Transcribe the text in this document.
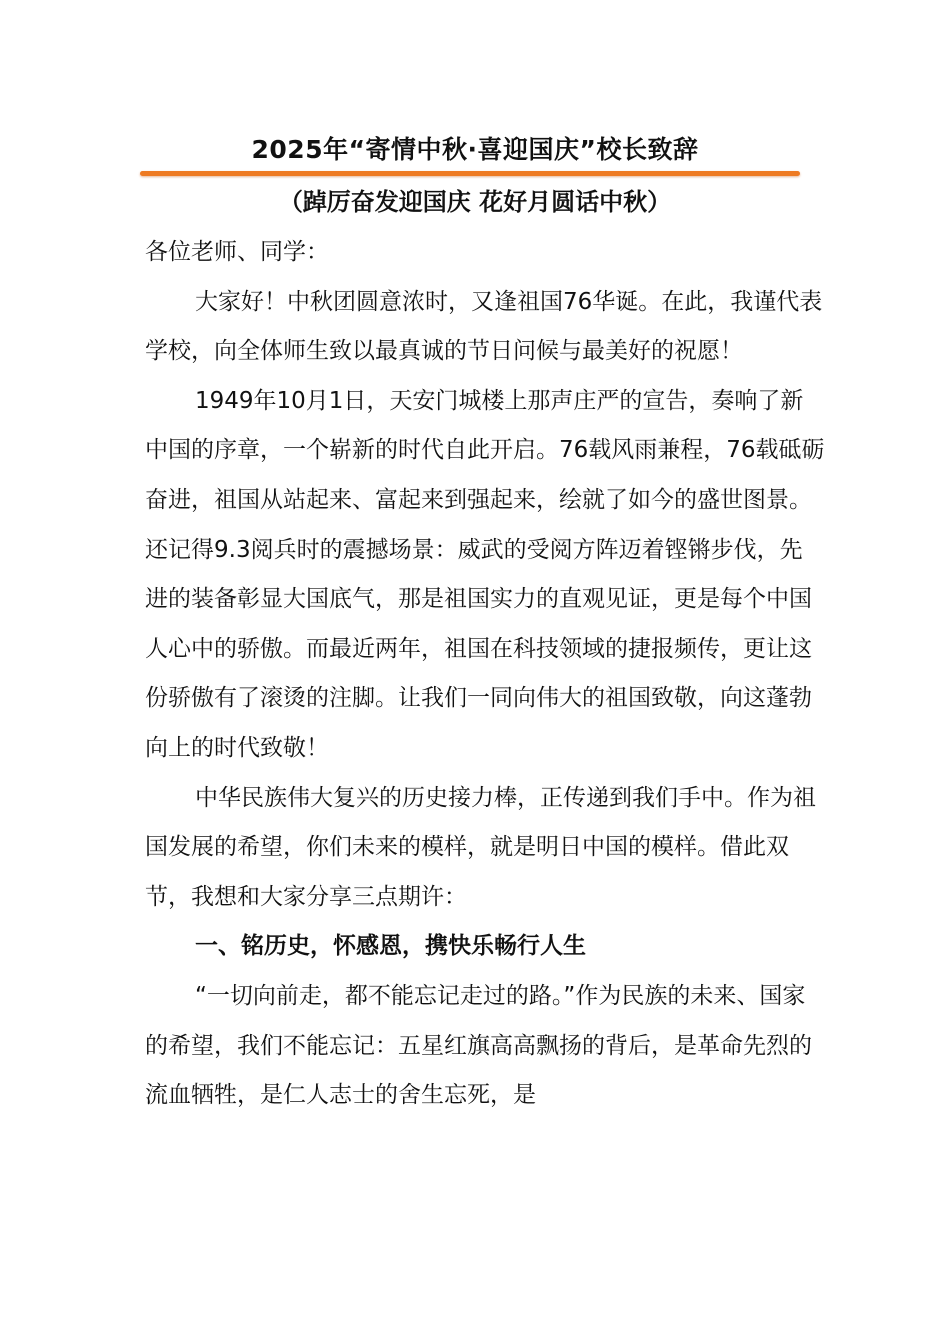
2025年“寄情中秋·喜迎国庆”校长致辞
（踔厉奋发迎国庆 花好月圆话中秋）

各位老师、同学：

大家好！中秋团圆意浓时，又逢祖国76华诞。在此，我谨代表学校，向全体师生致以最真诚的节日问候与最美好的祝愿！

1949年10月1日，天安门城楼上那声庄严的宣告，奏响了新中国的序章，一个崭新的时代自此开启。76载风雨兼程，76载砥砺奋进，祖国从站起来、富起来到强起来，绘就了如今的盛世图景。还记得9.3阅兵时的震撼场景：威武的受阅方阵迈着铿锵步伐，先进的装备彰显大国底气，那是祖国实力的直观见证，更是每个中国人心中的骄傲。而最近两年，祖国在科技领域的捷报频传，更让这份骄傲有了滚烫的注脚。让我们一同向伟大的祖国致敬，向这蓬勃向上的时代致敬！

中华民族伟大复兴的历史接力棒，正传递到我们手中。作为祖国发展的希望，你们未来的模样，就是明日中国的模样。借此双节，我想和大家分享三点期许：

一、铭历史，怀感恩，携快乐畅行人生

“一切向前走，都不能忘记走过的路。”作为民族的未来、国家的希望，我们不能忘记：五星红旗高高飘扬的背后，是革命先烈的流血牺牲，是仁人志士的舍生忘死，是
